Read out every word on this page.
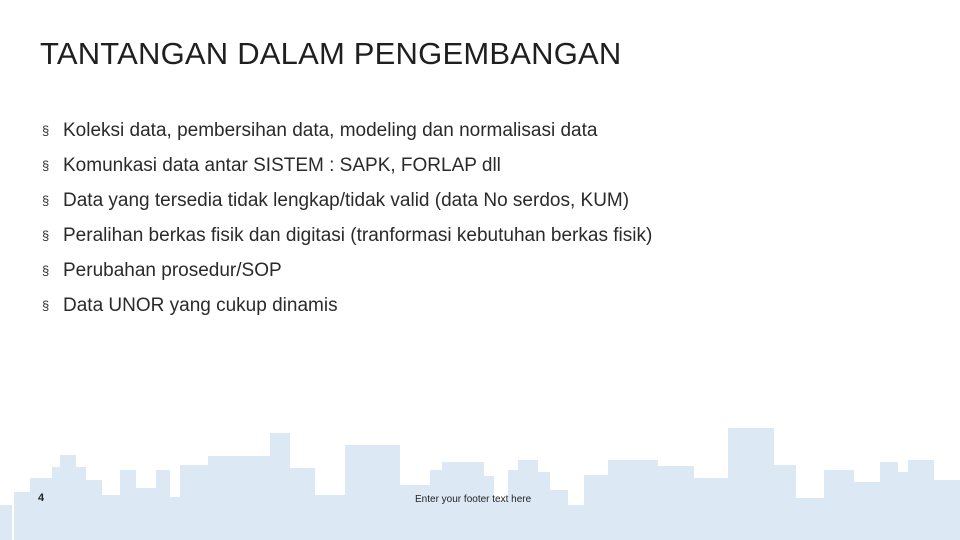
TANTANGAN DALAM PENGEMBANGAN
§ Koleksi data, pembersihan data, modeling dan normalisasi data
§ Komunkasi data antar SISTEM : SAPK, FORLAP dll
§ Data yang tersedia tidak lengkap/tidak valid (data No serdos, KUM)
§ Peralihan berkas fisik dan digitasi (tranformasi kebutuhan berkas fisik)
§ Perubahan prosedur/SOP
§ Data UNOR yang cukup dinamis
4	Enter your footer text here
